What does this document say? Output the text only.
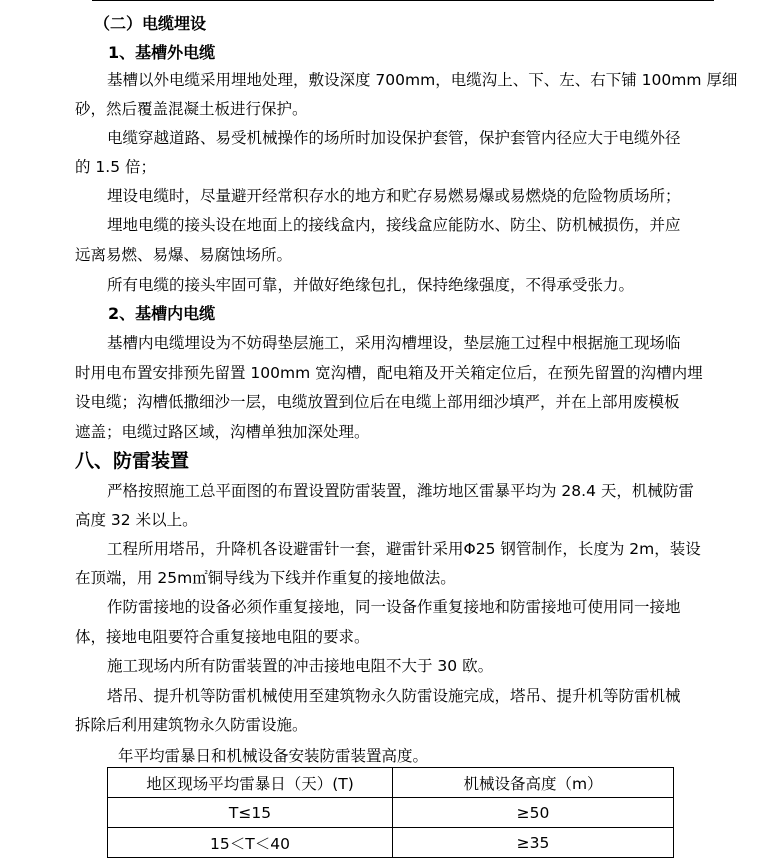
（二）电缆埋设
1、基槽外电缆
基槽以外电缆采用埋地处理，敷设深度 700mm，电缆沟上、下、左、右下铺 100mm 厚细
砂，然后覆盖混凝土板进行保护。
电缆穿越道路、易受机械操作的场所时加设保护套管，保护套管内径应大于电缆外径
的 1.5 倍；
埋设电缆时，尽量避开经常积存水的地方和贮存易燃易爆或易燃烧的危险物质场所；
埋地电缆的接头设在地面上的接线盒内，接线盒应能防水、防尘、防机械损伤，并应
远离易燃、易爆、易腐蚀场所。
所有电缆的接头牢固可靠，并做好绝缘包扎，保持绝缘强度，不得承受张力。
2、基槽内电缆
基槽内电缆埋设为不妨碍垫层施工，采用沟槽埋设，垫层施工过程中根据施工现场临
时用电布置安排预先留置 100mm 宽沟槽，配电箱及开关箱定位后，在预先留置的沟槽内埋
设电缆；沟槽低撒细沙一层，电缆放置到位后在电缆上部用细沙填严，并在上部用废模板
遮盖；电缆过路区域，沟槽单独加深处理。
八、防雷装置
严格按照施工总平面图的布置设置防雷装置，潍坊地区雷暴平均为 28.4 天，机械防雷
高度 32 米以上。
工程所用塔吊，升降机各设避雷针一套，避雷针采用Φ25 钢管制作，长度为 2m，装设
在顶端，用 25m㎡铜导线为下线并作重复的接地做法。
作防雷接地的设备必须作重复接地，同一设备作重复接地和防雷接地可使用同一接地
体，接地电阻要符合重复接地电阻的要求。
施工现场内所有防雷装置的冲击接地电阻不大于 30 欧。
塔吊、提升机等防雷机械使用至建筑物永久防雷设施完成，塔吊、提升机等防雷机械
拆除后利用建筑物永久防雷设施。
年平均雷暴日和机械设备安装防雷装置高度。
地区现场平均雷暴日（天）(T)	机械设备高度（m）
T≤15	≥50
15＜T＜40	≥35
